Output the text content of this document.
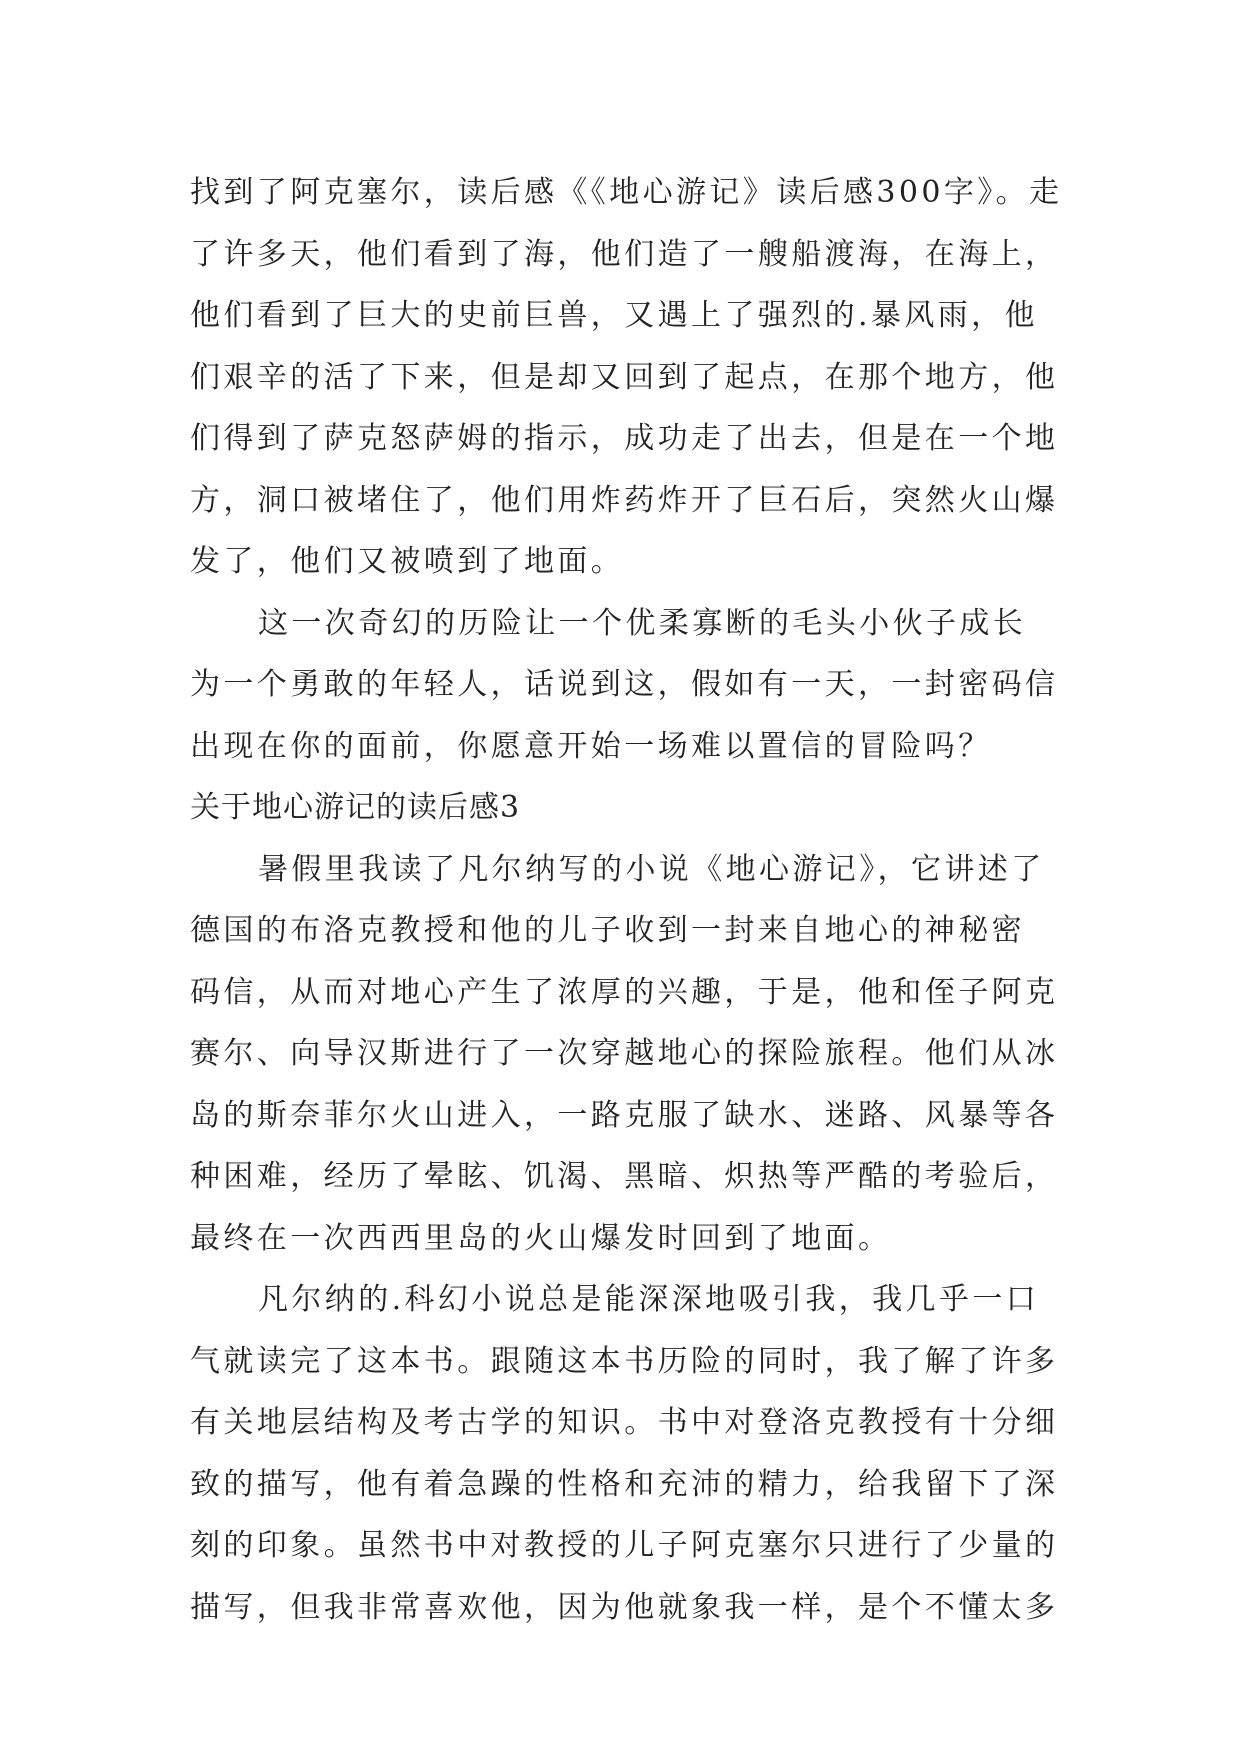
找到了阿克塞尔，读后感《《地心游记》读后感300字》。走
了许多天，他们看到了海，他们造了一艘船渡海，在海上，
他们看到了巨大的史前巨兽，又遇上了强烈的.暴风雨，他
们艰辛的活了下来，但是却又回到了起点，在那个地方，他
们得到了萨克怒萨姆的指示，成功走了出去，但是在一个地
方，洞口被堵住了，他们用炸药炸开了巨石后，突然火山爆
发了，他们又被喷到了地面。
这一次奇幻的历险让一个优柔寡断的毛头小伙子成长
为一个勇敢的年轻人，话说到这，假如有一天，一封密码信
出现在你的面前，你愿意开始一场难以置信的冒险吗？
关于地心游记的读后感3
暑假里我读了凡尔纳写的小说《地心游记》，它讲述了
德国的布洛克教授和他的儿子收到一封来自地心的神秘密
码信，从而对地心产生了浓厚的兴趣，于是，他和侄子阿克
赛尔、向导汉斯进行了一次穿越地心的探险旅程。他们从冰
岛的斯奈菲尔火山进入，一路克服了缺水、迷路、风暴等各
种困难，经历了晕眩、饥渴、黑暗、炽热等严酷的考验后，
最终在一次西西里岛的火山爆发时回到了地面。
凡尔纳的.科幻小说总是能深深地吸引我，我几乎一口
气就读完了这本书。跟随这本书历险的同时，我了解了许多
有关地层结构及考古学的知识。书中对登洛克教授有十分细
致的描写，他有着急躁的性格和充沛的精力，给我留下了深
刻的印象。虽然书中对教授的儿子阿克塞尔只进行了少量的
描写，但我非常喜欢他，因为他就象我一样，是个不懂太多
